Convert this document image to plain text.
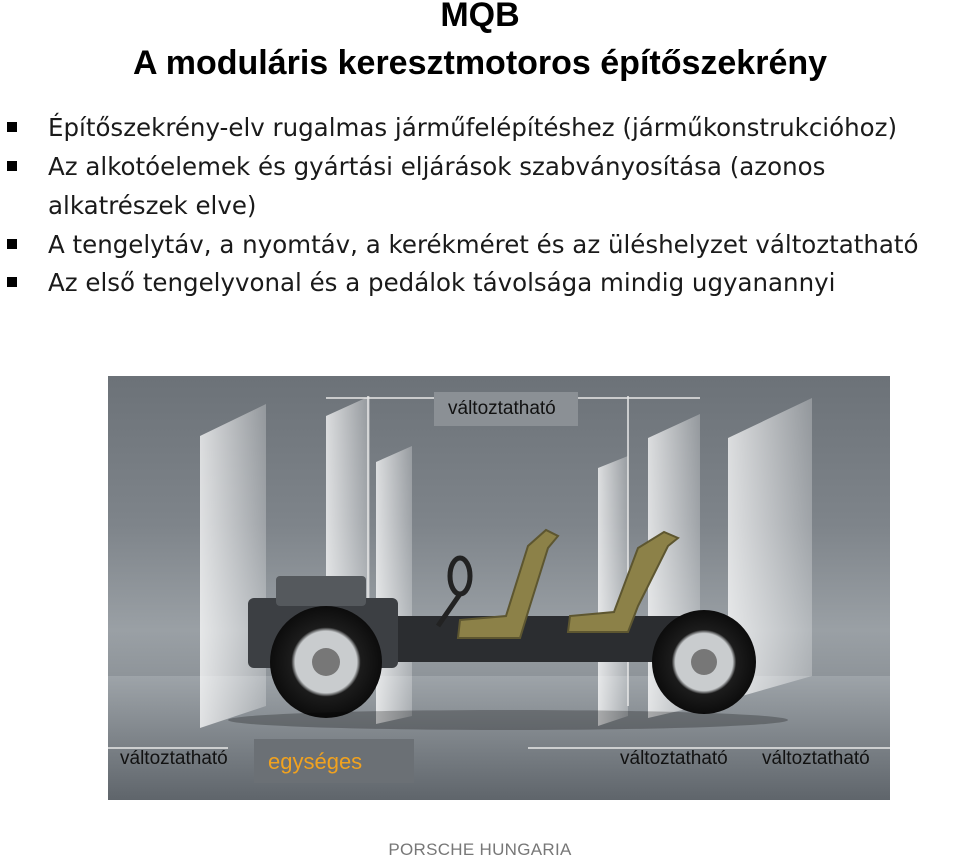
MQB
A moduláris keresztmotoros építőszekrény
Építőszekrény-elv rugalmas járműfelépítéshez (járműkonstrukcióhoz)
Az alkotóelemek és gyártási eljárások szabványosítása (azonos
alkatrészek elve)
A tengelytáv, a nyomtáv, a kerékméret és az üléshelyzet változtatható
Az első tengelyvonal és a pedálok távolsága mindig ugyanannyi
változtatható
változtatható egységes	változtatható változtatható
PORSCHE HUNGARIA
